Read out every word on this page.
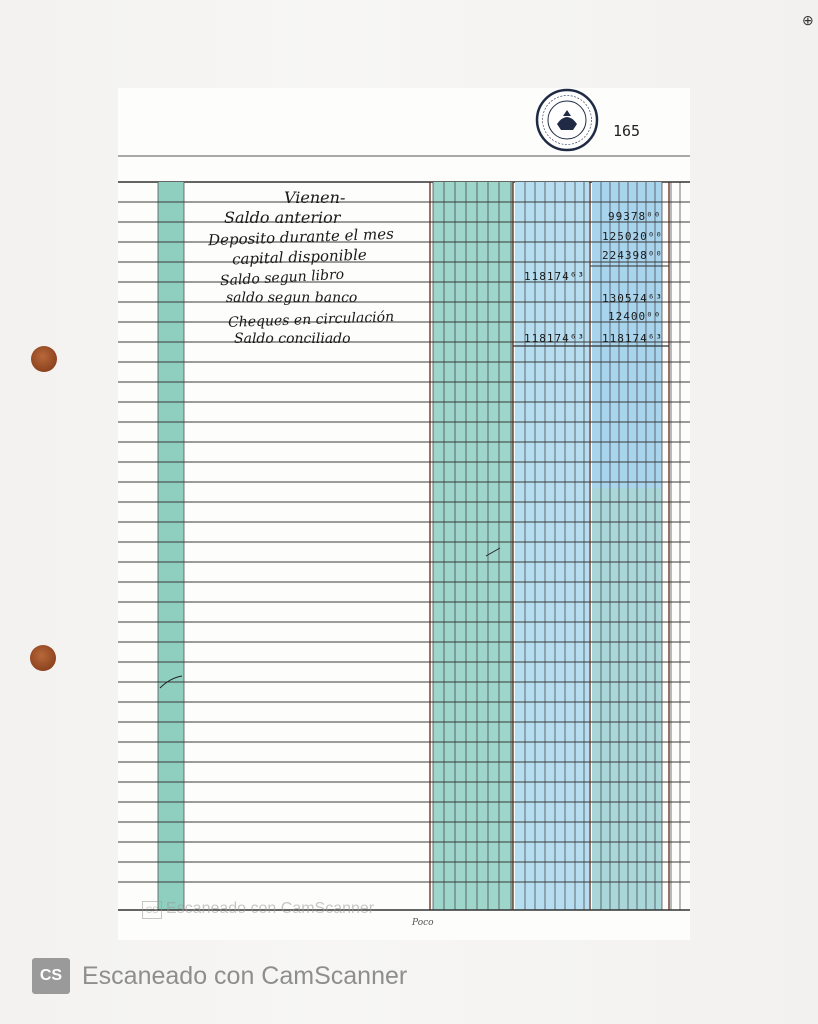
⊕
Vienen-
Saldo anterior
Deposito durante el mes
capital disponible
Saldo segun libro
saldo segun banco
Cheques en circulación
Saldo conciliado
118174⁶³
118174⁶³
99378⁰⁰
125020⁰⁰
224398⁰⁰
130574⁶³
12400⁰⁰
118174⁶³
165
CS Escaneado con CamScanner
Poco
CS Escaneado con CamScanner
